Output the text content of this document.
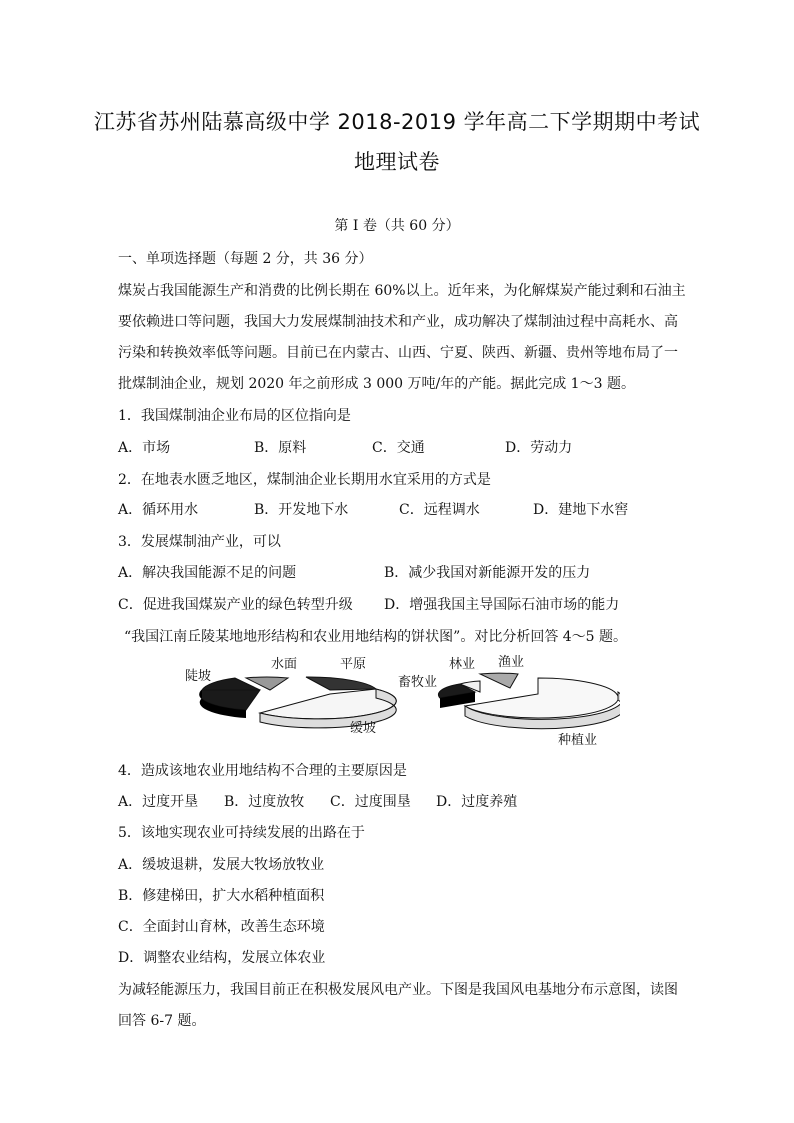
江苏省苏州陆慕高级中学 2018-2019 学年高二下学期期中考试
地理试卷
第 I 卷（共 60 分）
一、单项选择题（每题 2 分，共 36 分）
煤炭占我国能源生产和消费的比例长期在 60%以上。近年来，为化解煤炭产能过剩和石油主
要依赖进口等问题，我国大力发展煤制油技术和产业，成功解决了煤制油过程中高耗水、高
污染和转换效率低等问题。目前已在内蒙古、山西、宁夏、陕西、新疆、贵州等地布局了一
批煤制油企业，规划 2020 年之前形成 3 000 万吨/年的产能。据此完成 1～3 题。
1．我国煤制油企业布局的区位指向是
A．市场	B．原料	C．交通	D．劳动力
2．在地表水匮乏地区，煤制油企业长期用水宜采用的方式是
A．循环用水	B．开发地下水	C．远程调水	D．建地下水窖
3．发展煤制油产业，可以
A．解决我国能源不足的问题	B．减少我国对新能源开发的压力
C．促进我国煤炭产业的绿色转型升级 D．增强我国主导国际石油市场的能力
“我国江南丘陵某地地形结构和农业用地结构的饼状图”。对比分析回答 4～5 题。
陡坡
水面	平原
缓坡
林业 渔业
畜牧业
种植业
4．造成该地农业用地结构不合理的主要原因是
A．过度开垦 B．过度放牧 C．过度围垦 D．过度养殖
5．该地实现农业可持续发展的出路在于
A．缓坡退耕，发展大牧场放牧业
B．修建梯田，扩大水稻种植面积
C．全面封山育林，改善生态环境
D．调整农业结构，发展立体农业
为减轻能源压力，我国目前正在积极发展风电产业。下图是我国风电基地分布示意图，读图
回答 6-7 题。
